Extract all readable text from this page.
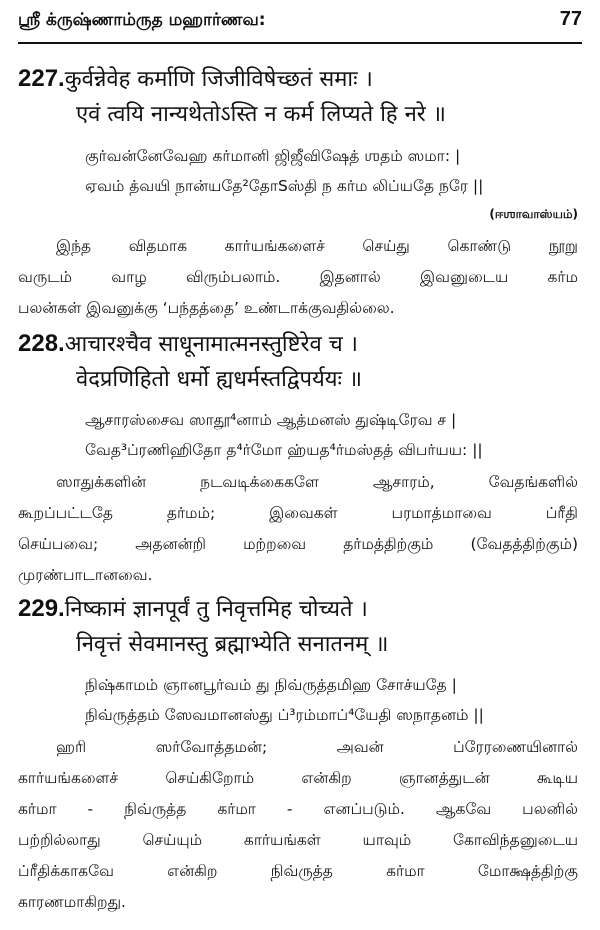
ஸ்ரீ க்ருஷ்ணாம்ருத மஹார்ணவ:	77
227.कुर्वन्नेवेह कर्माणि जिजीविषेच्छतं समाः ।
एवं त्वयि नान्यथेतोऽस्ति न कर्म लिप्यते हि नरे ॥
குர்வன்னேவேஹ கர்மானி ஜிஜீவிஷேத் ஶதம் ஸமா: |
ஏவம் த்வயி நான்யதே²தோSஸ்தி ந கர்ம லிப்யதே நரே ||
(ஈஶாவாஸ்யம்)
இந்த விதமாக கார்யங்களைச் செய்து கொண்டு நூறு
வருடம் வாழ விரும்பலாம். இதனால் இவனுடைய கர்ம
பலன்கள் இவனுக்கு ‘பந்தத்தை’ உண்டாக்குவதில்லை.
228.आचारश्चैव साधूनामात्मनस्तुष्टिरेव च ।
वेदप्रणिहितो धर्मो ह्यधर्मस्तद्विपर्ययः ॥
ஆசாரஸ்சைவ ஸாதூ⁴னாம் ஆத்மனஸ் துஷ்டிரேவ ச |
வேத³ப்ரணிஹிதோ த⁴ர்மோ ஹ்யத⁴ர்மஸ்தத் விபர்யய: ||
ஸாதுக்களின் நடவடிக்கைகளே ஆசாரம், வேதங்களில்
கூறப்பட்டதே தர்மம்; இவைகள் பரமாத்மாவை ப்ரீதி
செய்பவை; அதனன்றி மற்றவை தர்மத்திற்கும் (வேதத்திற்கும்)
முரண்பாடானவை.
229.निष्कामं ज्ञानपूर्वं तु निवृत्तमिह चोच्यते ।
निवृत्तं सेवमानस्तु ब्रह्माभ्येति सनातनम् ॥
நிஷ்காமம் ஞானபூர்வம் து நிவ்ருத்தமிஹ சோச்யதே |
நிவ்ருத்தம் ஸேவமானஸ்து ப்³ரம்மாப்⁴யேதி ஸநாதனம் ||
ஹரி ஸர்வோத்தமன்; அவன் ப்ரேரணையினால்
கார்யங்களைச் செய்கிறோம் என்கிற ஞானத்துடன் கூடிய
கர்மா - நிவ்ருத்த கர்மா - எனப்படும். ஆகவே பலனில்
பற்றில்லாது செய்யும் கார்யங்கள் யாவும் கோவிந்தனுடைய
ப்ரீதிக்காகவே என்கிற நிவ்ருத்த கர்மா மோக்ஷத்திற்கு
காரணமாகிறது.
